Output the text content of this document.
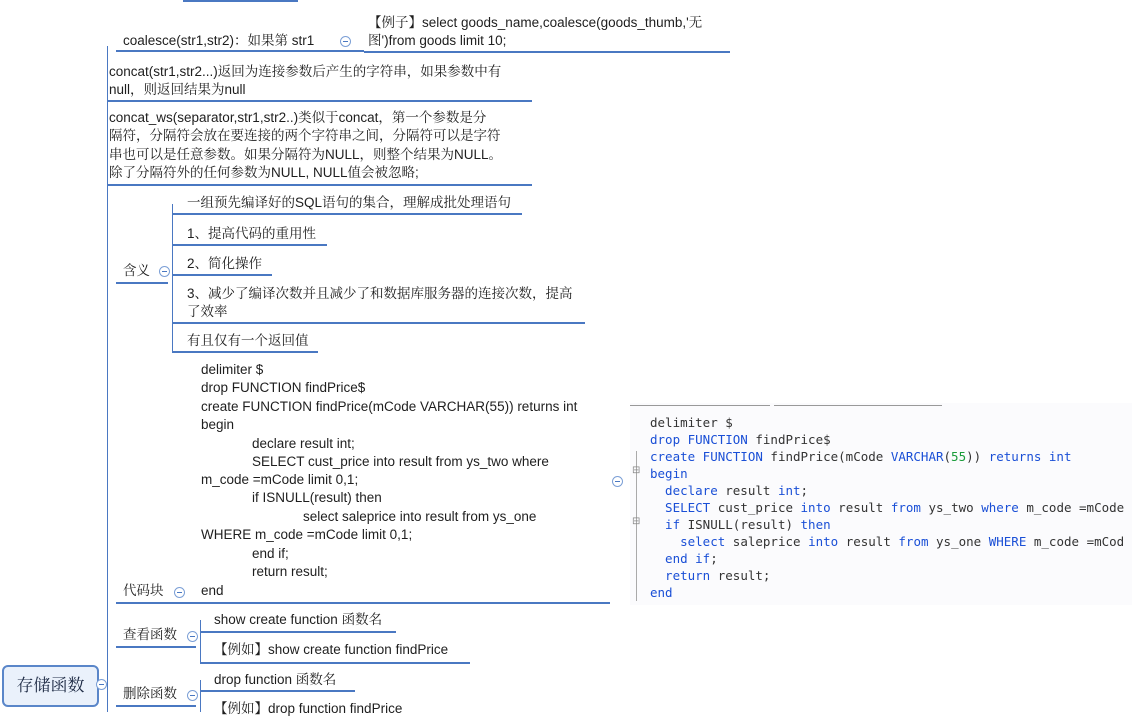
coalesce(str1,str2)：如果第 str1
【例子】select goods_name,coalesce(goods_thumb,'无
图')from goods limit 10;
concat(str1,str2...)返回为连接参数后产生的字符串，如果参数中有
null，则返回结果为null
concat_ws(separator,str1,str2..)类似于concat，第一个参数是分
隔符，分隔符会放在要连接的两个字符串之间，分隔符可以是字符
串也可以是任意参数。如果分隔符为NULL，则整个结果为NULL。
除了分隔符外的任何参数为NULL, NULL值会被忽略;
含义
一组预先编译好的SQL语句的集合，理解成批处理语句
1、提高代码的重用性
2、简化操作
3、减少了编译次数并且减少了和数据库服务器的连接次数，提高
了效率
有且仅有一个返回值
delimiter $
drop FUNCTION findPrice$
create FUNCTION findPrice(mCode VARCHAR(55)) returns int
begin
declare result int;
SELECT cust_price into result from ys_two where
m_code =mCode limit 0,1;
if ISNULL(result) then
select saleprice into result from ys_one
WHERE m_code =mCode limit 0,1;
end if;
return result;
end
代码块
⊟
⊟
delimiter $
drop FUNCTION findPrice$
create FUNCTION findPrice(mCode VARCHAR(55)) returns int
begin
declare result int;
SELECT cust_price into result from ys_two where m_code =mCode
if ISNULL(result) then
select saleprice into result from ys_one WHERE m_code =mCod
end if;
return result;
end
查看函数
show create function 函数名
【例如】show create function findPrice
存储函数	删除函数
drop function 函数名
【例如】drop function findPrice
